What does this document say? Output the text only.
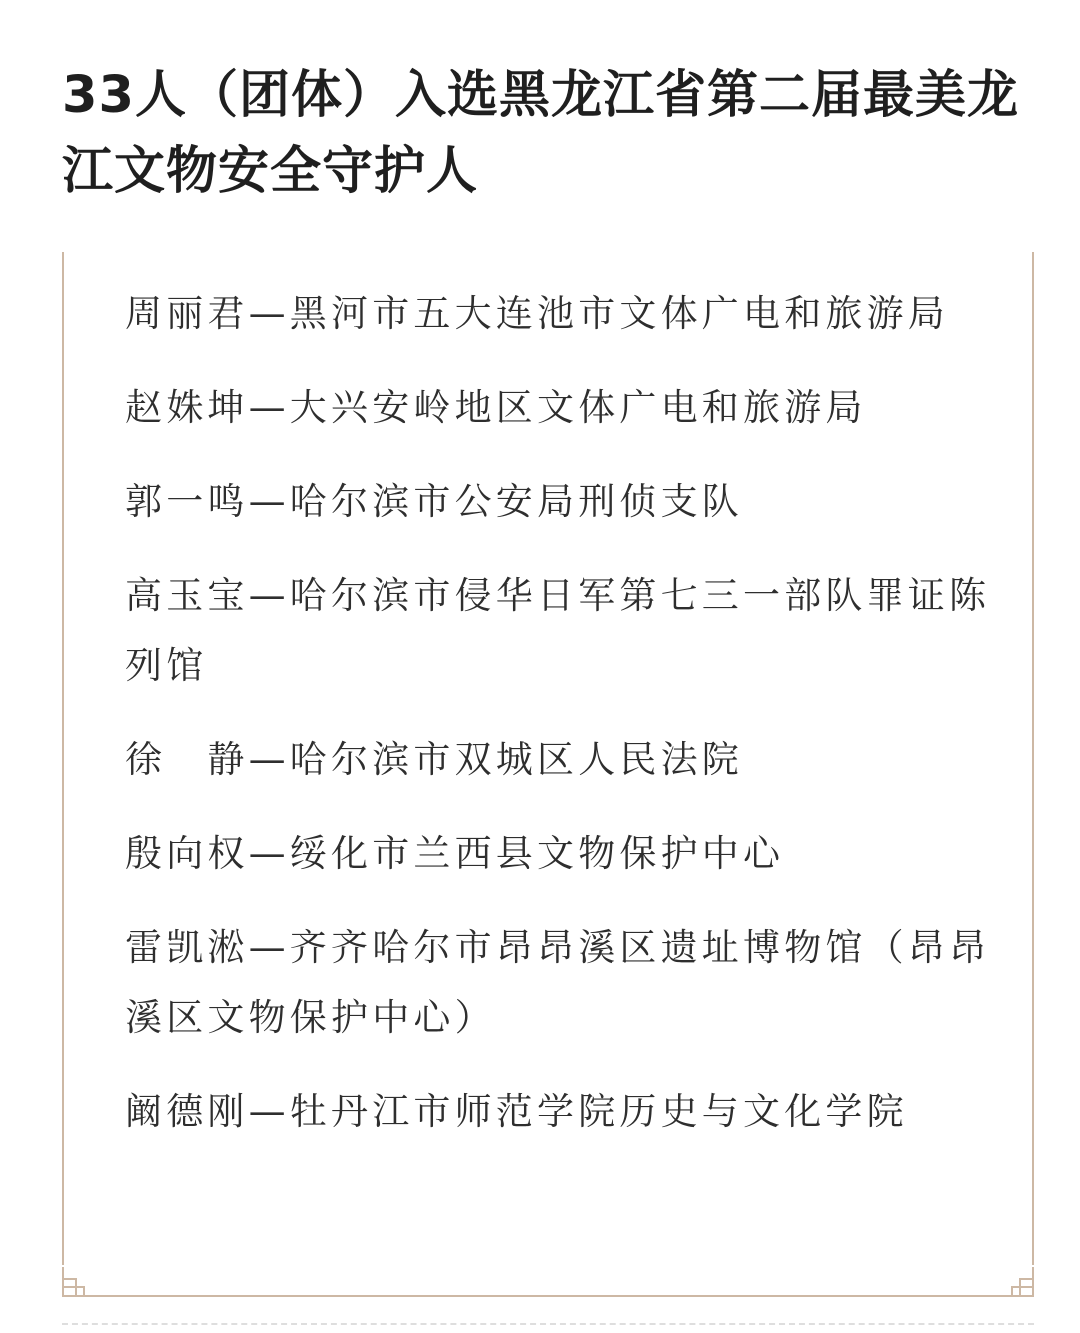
33人（团体）入选黑龙江省第二届最美龙江文物安全守护人
周丽君—黑河市五大连池市文体广电和旅游局
赵姝坤—大兴安岭地区文体广电和旅游局
郭一鸣—哈尔滨市公安局刑侦支队
高玉宝—哈尔滨市侵华日军第七三一部队罪证陈列馆
徐　静—哈尔滨市双城区人民法院
殷向权—绥化市兰西县文物保护中心
雷凯淞—齐齐哈尔市昂昂溪区遗址博物馆（昂昂溪区文物保护中心）
阚德刚—牡丹江市师范学院历史与文化学院
